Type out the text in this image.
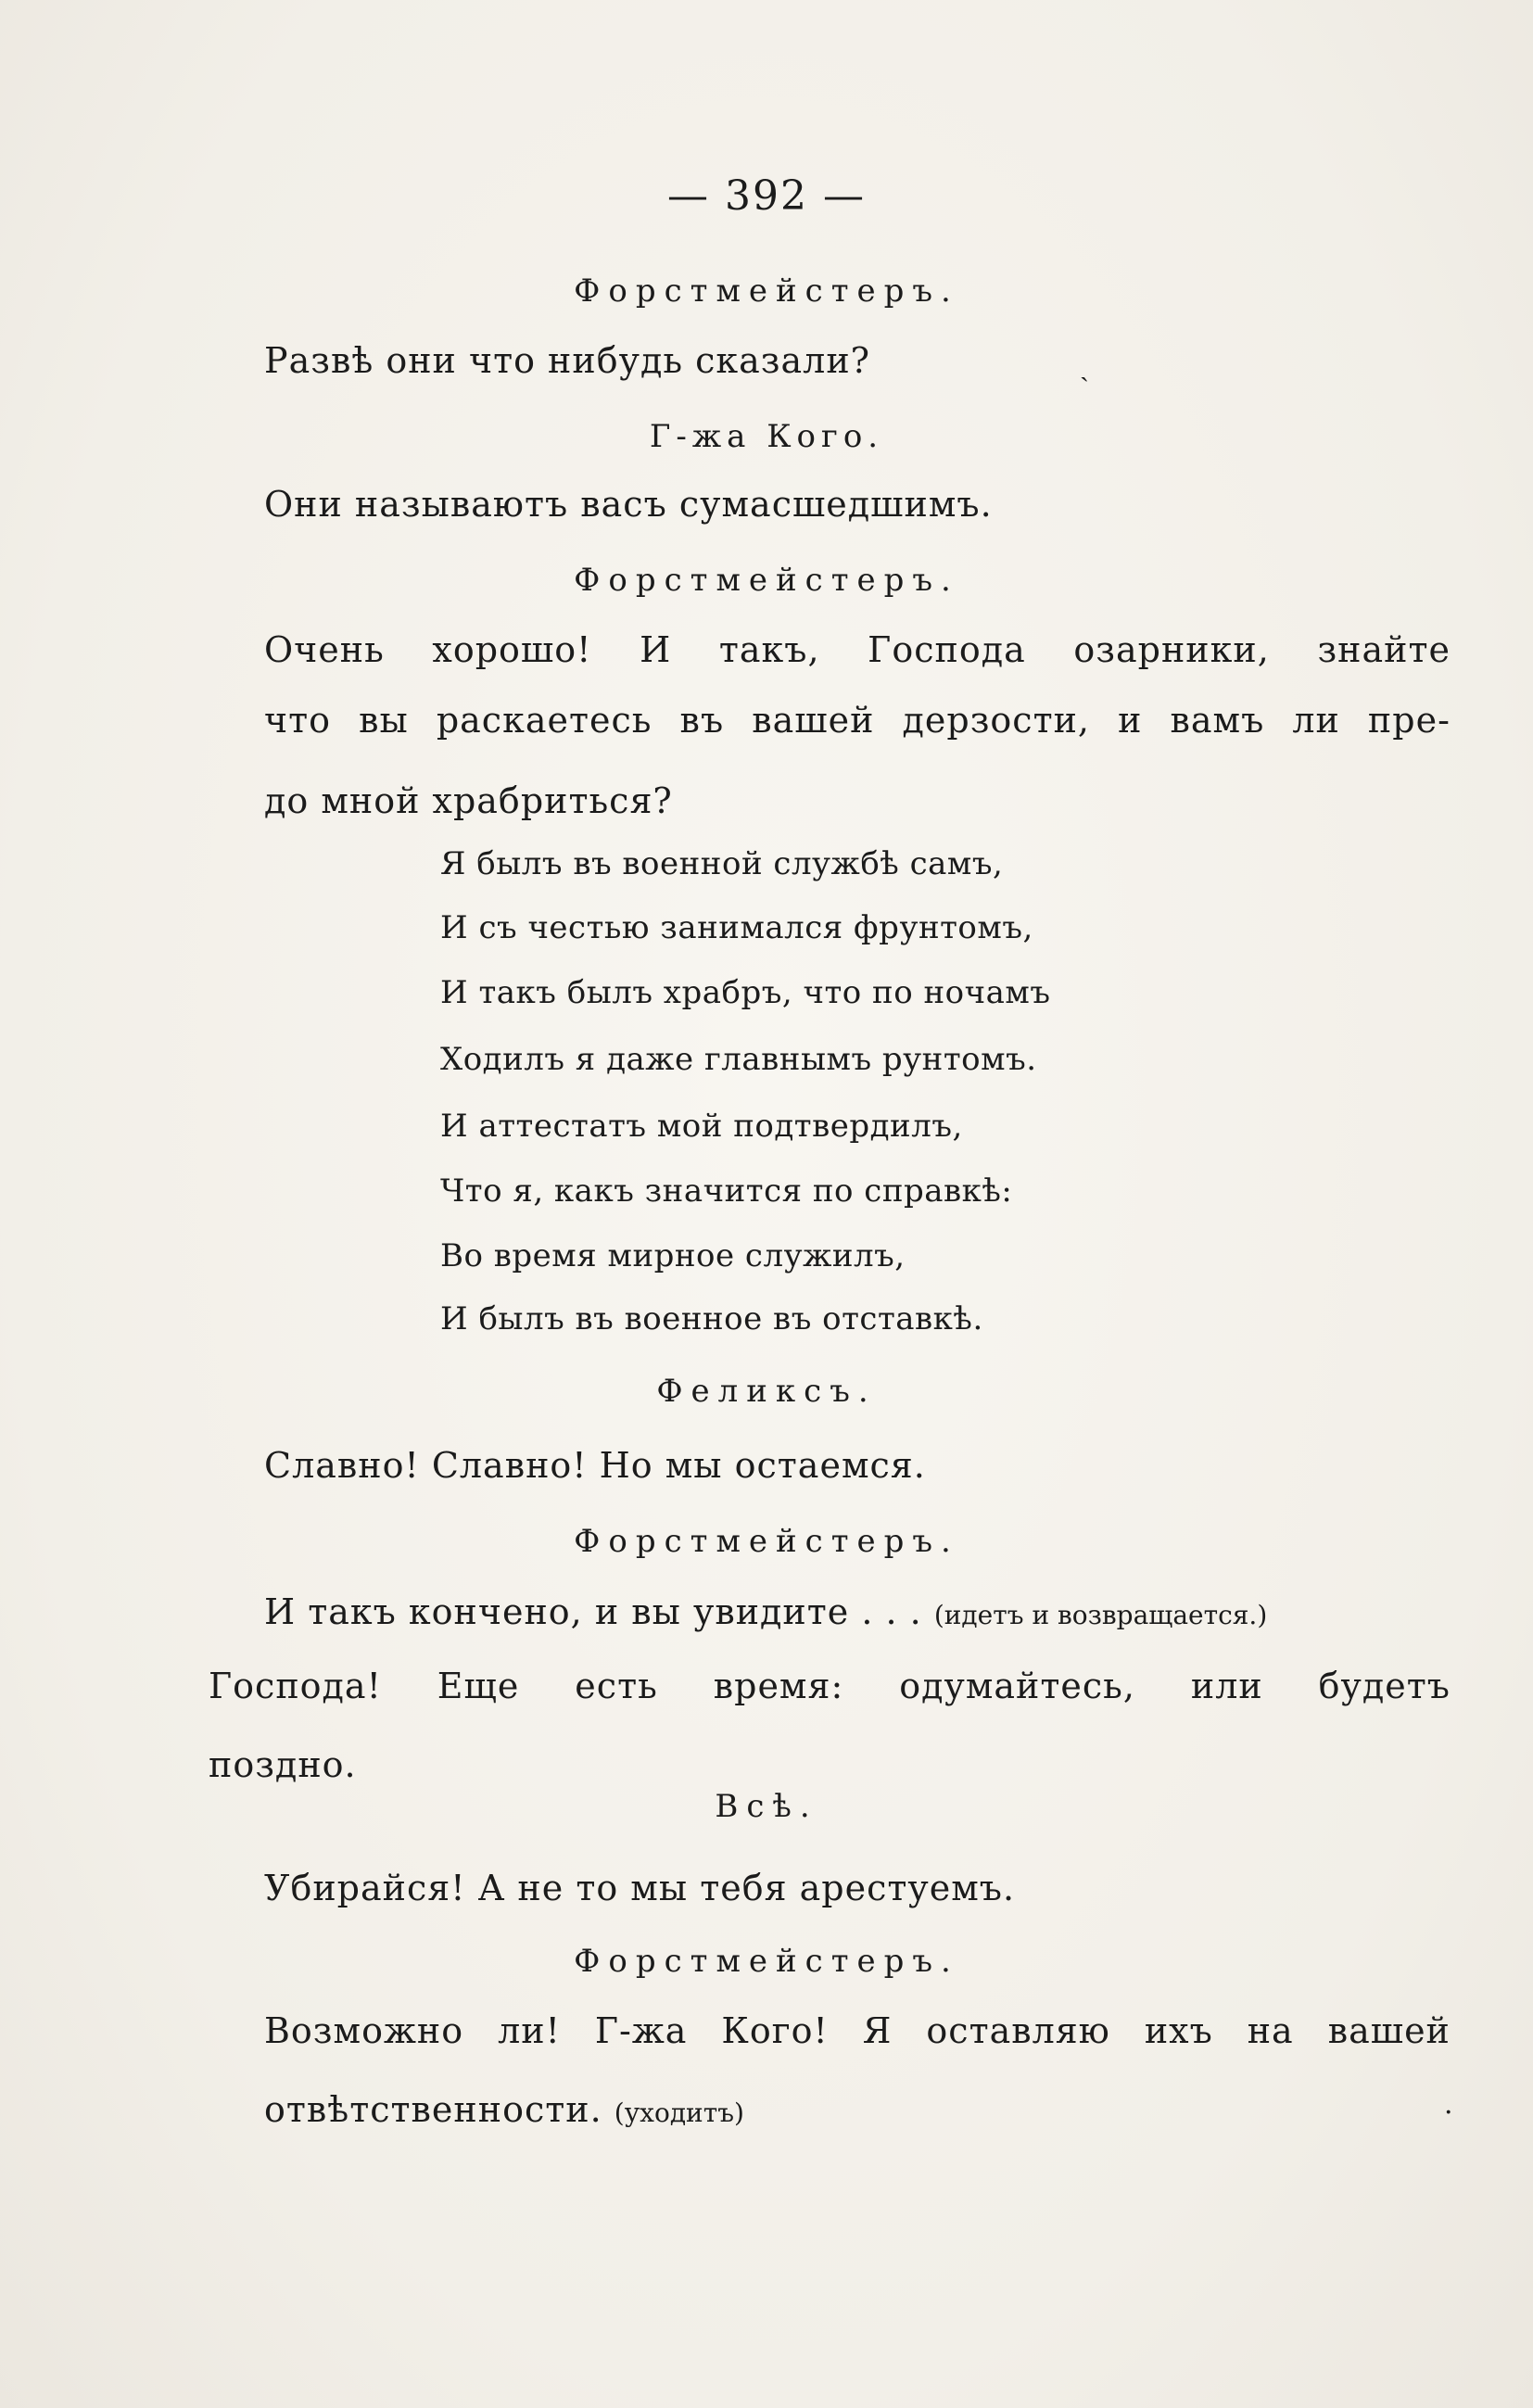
— 392 —
Форстмейстеръ.
Развѣ они что нибудь сказали?
Г-жа Кого.
Они называютъ васъ сумасшедшимъ.
Форстмейстеръ.
Очень хорошо! И такъ, Господа озарники, знайте
что вы раскаетесь въ вашей дерзости, и вамъ ли пре-
до мной храбриться?
Я былъ въ военной службѣ самъ,
И съ честью занимался фрунтомъ,
И такъ былъ храбръ, что по ночамъ
Ходилъ я даже главнымъ рунтомъ.
И аттестатъ мой подтвердилъ,
Что я, какъ значится по справкѣ:
Во время мирное служилъ,
И былъ въ военное въ отставкѣ.
Феликсъ.
Славно! Славно! Но мы остаемся.
Форстмейстеръ.
И такъ кончено, и вы увидите . . . (идетъ и возвращается.)
Господа! Еще есть время: одумайтесь, или будетъ
поздно.
Всѣ.
Убирайся! А не то мы тебя арестуемъ.
Форстмейстеръ.
Возможно ли! Г-жа Кого! Я оставляю ихъ на вашей
отвѣтственности. (уходитъ)
ˏ
·
